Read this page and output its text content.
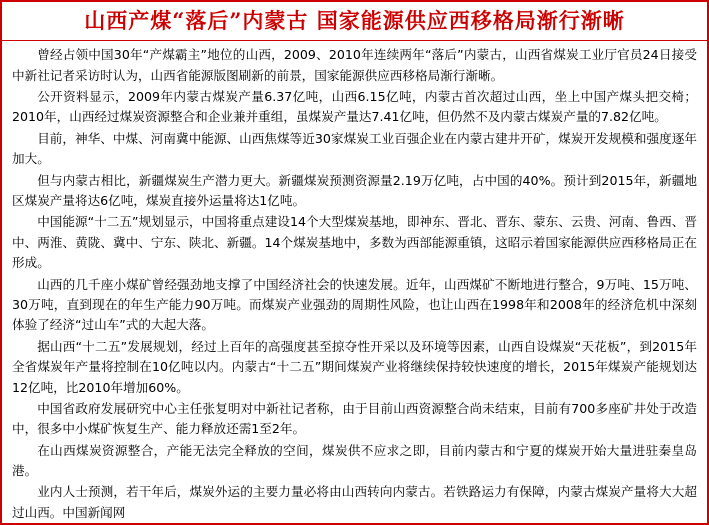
山西产煤“落后”内蒙古 国家能源供应西移格局渐行渐晰

曾经占领中国30年“产煤霸主”地位的山西，2009、2010年连续两年“落后”内蒙古，山西省煤炭工业厅官员24日接受中新社记者采访时认为，山西省能源版图刷新的前景，国家能源供应西移格局渐行渐晰。

公开资料显示，2009年内蒙古煤炭产量6.37亿吨，山西6.15亿吨，内蒙古首次超过山西，坐上中国产煤头把交椅；2010年，山西经过煤炭资源整合和企业兼并重组，虽煤炭产量达7.41亿吨，但仍然不及内蒙古煤炭产量的7.82亿吨。

目前，神华、中煤、河南冀中能源、山西焦煤等近30家煤炭工业百强企业在内蒙古建井开矿，煤炭开发规模和强度逐年加大。

但与内蒙古相比，新疆煤炭生产潜力更大。新疆煤炭预测资源量2.19万亿吨，占中国的40%。预计到2015年，新疆地区煤炭产量将达6亿吨，煤炭直接外运量将达1亿吨。

中国能源“十二五”规划显示，中国将重点建设14个大型煤炭基地，即神东、晋北、晋东、蒙东、云贵、河南、鲁西、晋中、两淮、黄陇、冀中、宁东、陕北、新疆。14个煤炭基地中，多数为西部能源重镇，这昭示着国家能源供应西移格局正在形成。

山西的几千座小煤矿曾经强劲地支撑了中国经济社会的快速发展。近年，山西煤矿不断地进行整合，9万吨、15万吨、30万吨，直到现在的年生产能力90万吨。而煤炭产业强劲的周期性风险，也让山西在1998年和2008年的经济危机中深刻体验了经济“过山车”式的大起大落。

据山西“十二五”发展规划，经过上百年的高强度甚至掠夺性开采以及环境等因素，山西自设煤炭“天花板”，到2015年全省煤炭年产量将控制在10亿吨以内。内蒙古“十二五”期间煤炭产业将继续保持较快速度的增长，2015年煤炭产能规划达12亿吨，比2010年增加60%。

中国省政府发展研究中心主任张复明对中新社记者称，由于目前山西资源整合尚未结束，目前有700多座矿井处于改造中，很多中小煤矿恢复生产、能力释放还需1至2年。

在山西煤炭资源整合，产能无法完全释放的空间，煤炭供不应求之即，目前内蒙古和宁夏的煤炭开始大量进驻秦皇岛港。

业内人士预测，若干年后，煤炭外运的主要力量必将由山西转向内蒙古。若铁路运力有保障，内蒙古煤炭产量将大大超过山西。中国新闻网
